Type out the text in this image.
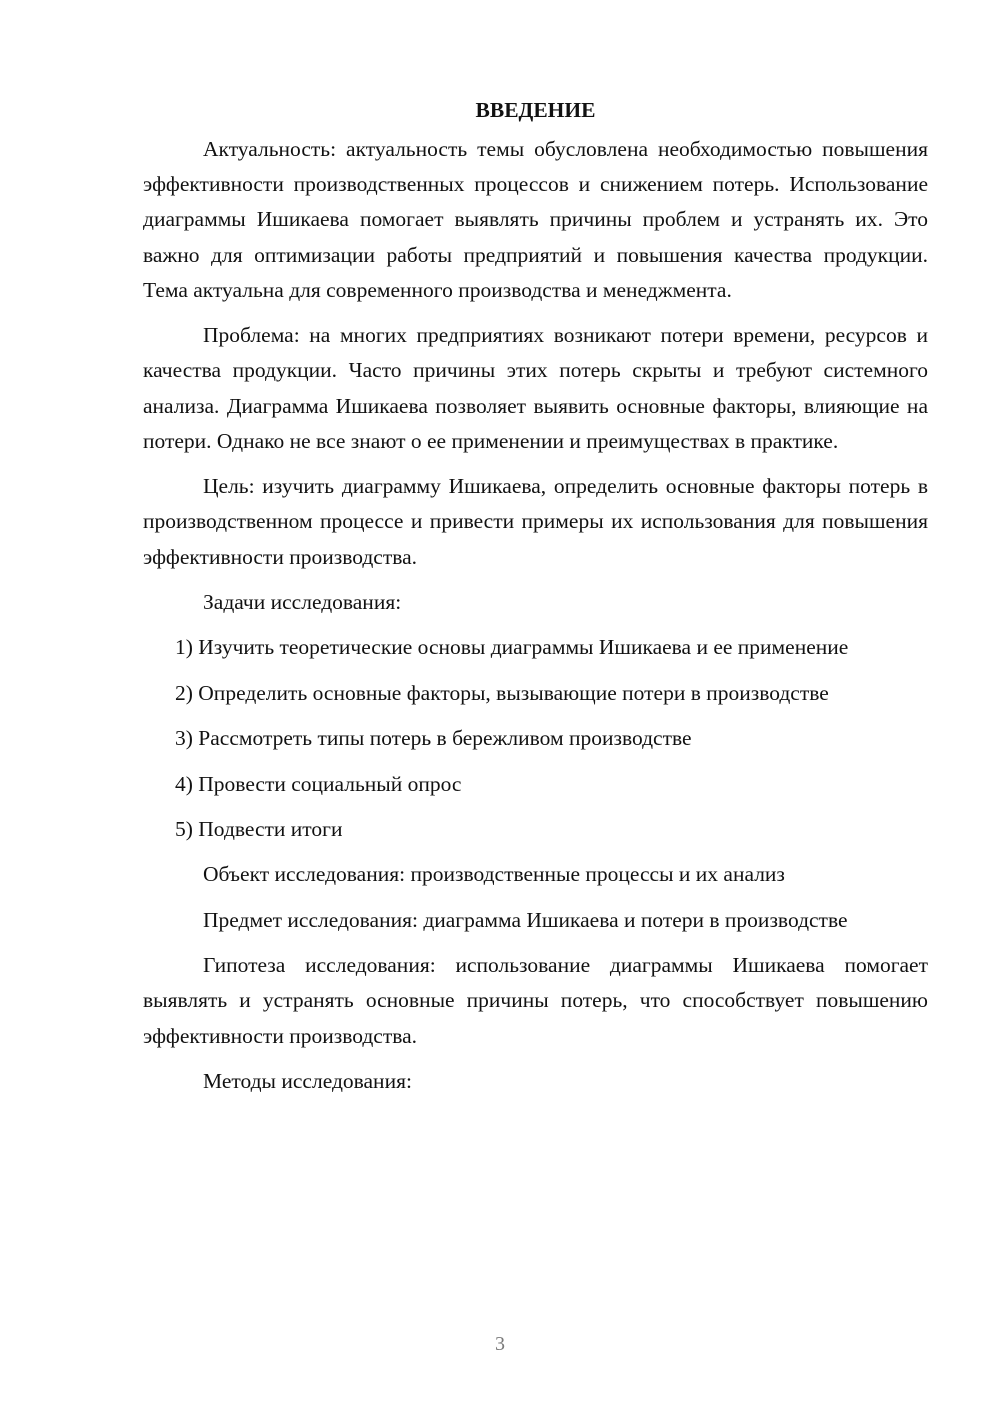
ВВЕДЕНИЕ

Актуальность: актуальность темы обусловлена необходимостью повышения эффективности производственных процессов и снижением потерь. Использование диаграммы Ишикаева помогает выявлять причины проблем и устранять их. Это важно для оптимизации работы предприятий и повышения качества продукции. Тема актуальна для современного производства и менеджмента.

Проблема: на многих предприятиях возникают потери времени, ресурсов и качества продукции. Часто причины этих потерь скрыты и требуют системного анализа. Диаграмма Ишикаева позволяет выявить основные факторы, влияющие на потери. Однако не все знают о ее применении и преимуществах в практике.

Цель: изучить диаграмму Ишикаева, определить основные факторы потерь в производственном процессе и привести примеры их использования для повышения эффективности производства.

Задачи исследования:

1) Изучить теоретические основы диаграммы Ишикаева и ее применение

2) Определить основные факторы, вызывающие потери в производстве

3) Рассмотреть типы потерь в бережливом производстве

4) Провести социальный опрос

5) Подвести итоги

Объект исследования: производственные процессы и их анализ

Предмет исследования: диаграмма Ишикаева и потери в производстве

Гипотеза исследования: использование диаграммы Ишикаева помогает выявлять и устранять основные причины потерь, что способствует повышению эффективности производства.

Методы исследования:

3
